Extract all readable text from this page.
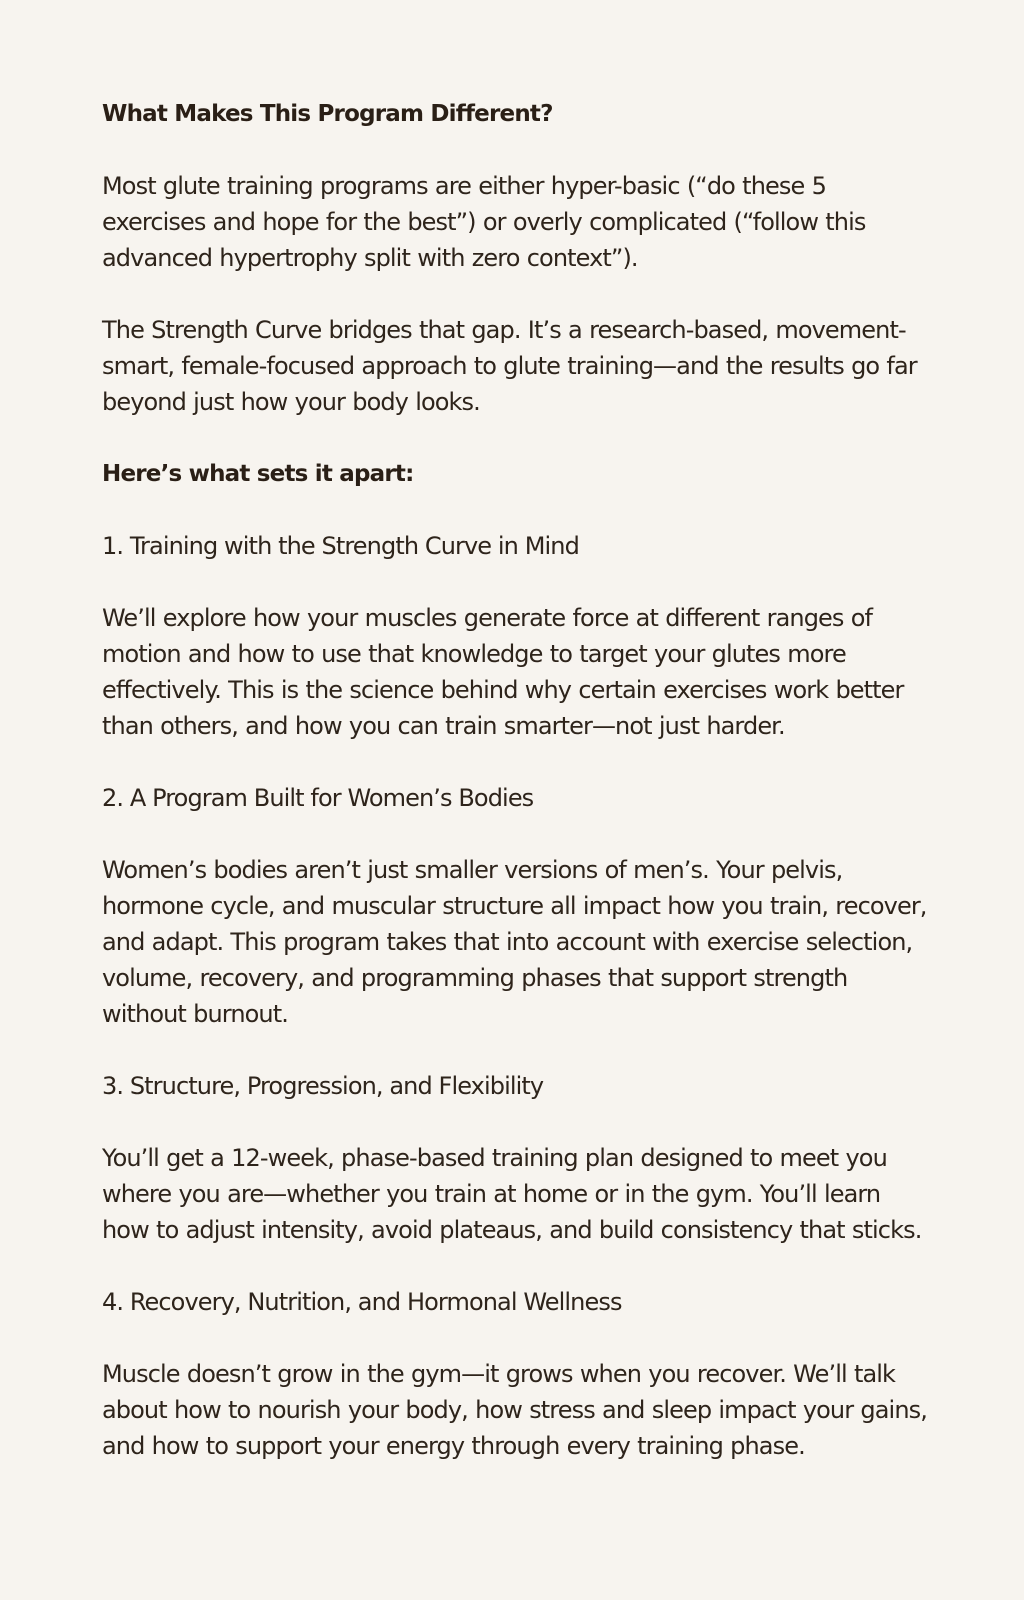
What Makes This Program Different?

Most glute training programs are either hyper-basic (“do these 5 exercises and hope for the best”) or overly complicated (“follow this advanced hypertrophy split with zero context”).

The Strength Curve bridges that gap. It’s a research-based, movement-smart, female-focused approach to glute training—and the results go far beyond just how your body looks.

Here’s what sets it apart:

1. Training with the Strength Curve in Mind

We’ll explore how your muscles generate force at different ranges of motion and how to use that knowledge to target your glutes more effectively. This is the science behind why certain exercises work better than others, and how you can train smarter—not just harder.

2. A Program Built for Women’s Bodies

Women’s bodies aren’t just smaller versions of men’s. Your pelvis, hormone cycle, and muscular structure all impact how you train, recover, and adapt. This program takes that into account with exercise selection, volume, recovery, and programming phases that support strength without burnout.

3. Structure, Progression, and Flexibility

You’ll get a 12-week, phase-based training plan designed to meet you where you are—whether you train at home or in the gym. You’ll learn how to adjust intensity, avoid plateaus, and build consistency that sticks.

4. Recovery, Nutrition, and Hormonal Wellness

Muscle doesn’t grow in the gym—it grows when you recover. We’ll talk about how to nourish your body, how stress and sleep impact your gains, and how to support your energy through every training phase.
